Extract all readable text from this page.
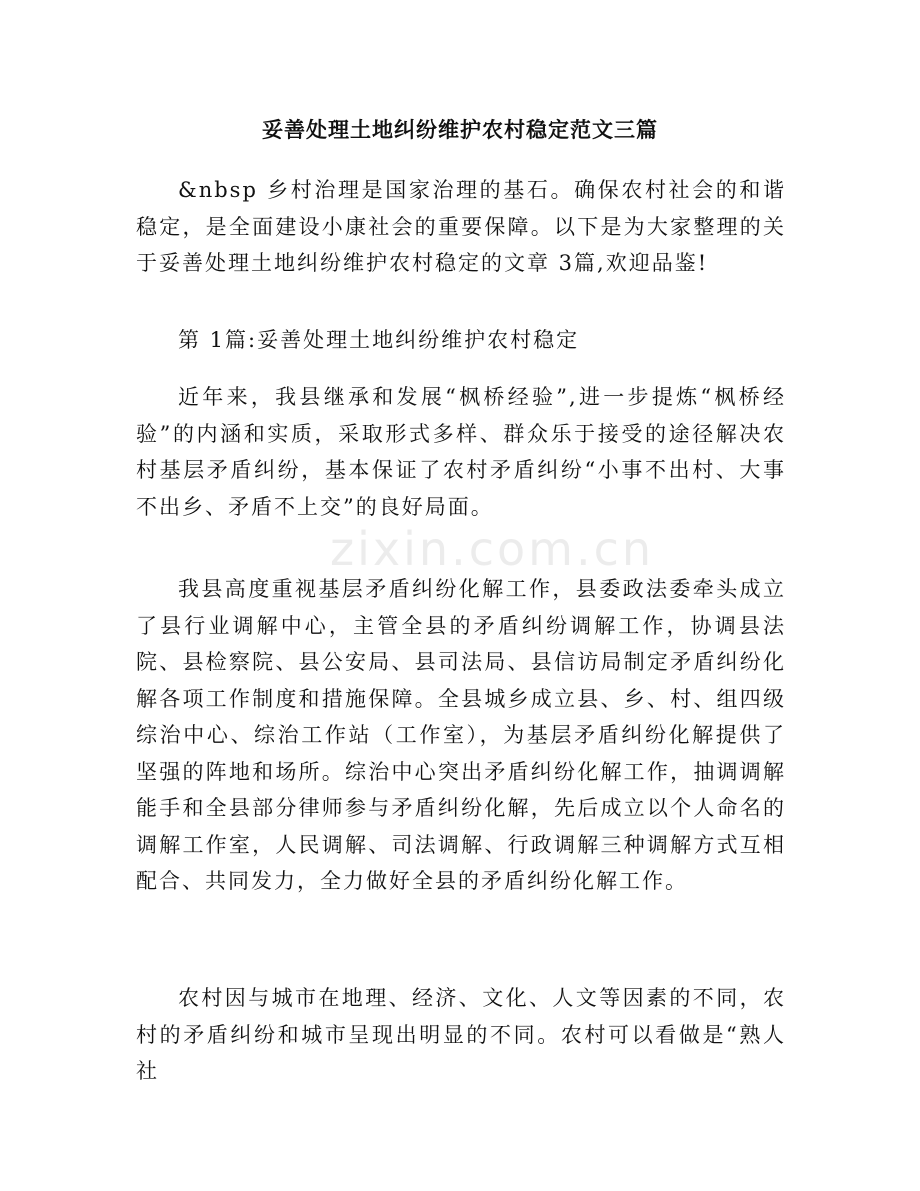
妥善处理土地纠纷维护农村稳定范文三篇

&nbsp 乡村治理是国家治理的基石。确保农村社会的和谐稳定，是全面建设小康社会的重要保障。以下是为大家整理的关于妥善处理土地纠纷维护农村稳定的文章 3篇,欢迎品鉴!

第 1篇:妥善处理土地纠纷维护农村稳定

近年来，我县继承和发展“枫桥经验”,进一步提炼“枫桥经验”的内涵和实质，采取形式多样、群众乐于接受的途径解决农村基层矛盾纠纷，基本保证了农村矛盾纠纷“小事不出村、大事不出乡、矛盾不上交”的良好局面。

我县高度重视基层矛盾纠纷化解工作，县委政法委牵头成立了县行业调解中心，主管全县的矛盾纠纷调解工作，协调县法院、县检察院、县公安局、县司法局、县信访局制定矛盾纠纷化解各项工作制度和措施保障。全县城乡成立县、乡、村、组四级综治中心、综治工作站（工作室），为基层矛盾纠纷化解提供了坚强的阵地和场所。综治中心突出矛盾纠纷化解工作，抽调调解能手和全县部分律师参与矛盾纠纷化解，先后成立以个人命名的调解工作室，人民调解、司法调解、行政调解三种调解方式互相配合、共同发力，全力做好全县的矛盾纠纷化解工作。

农村因与城市在地理、经济、文化、人文等因素的不同，农村的矛盾纠纷和城市呈现出明显的不同。农村可以看做是“熟人社

zixin.com.cn
